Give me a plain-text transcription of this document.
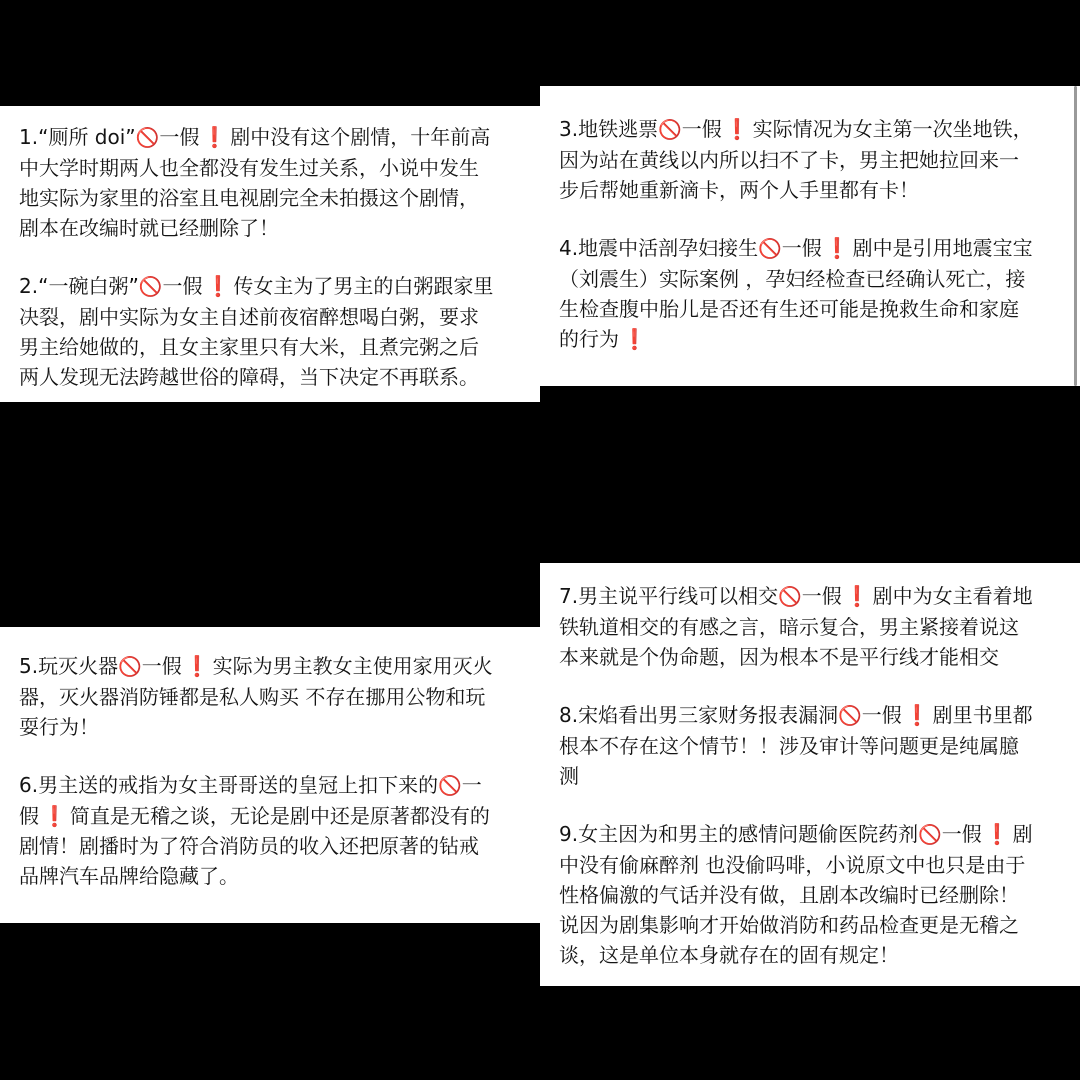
1.“厕所 doi”🚫一假 ❗ 剧中没有这个剧情，十年前高
中大学时期两人也全都没有发生过关系，小说中发生
地实际为家里的浴室且电视剧完全未拍摄这个剧情，
剧本在改编时就已经删除了！
2.“一碗白粥”🚫一假 ❗ 传女主为了男主的白粥跟家里
决裂，剧中实际为女主自述前夜宿醉想喝白粥，要求
男主给她做的，且女主家里只有大米，且煮完粥之后
两人发现无法跨越世俗的障碍，当下决定不再联系。
3.地铁逃票🚫一假 ❗ 实际情况为女主第一次坐地铁，
因为站在黄线以内所以扫不了卡，男主把她拉回来一
步后帮她重新滴卡，两个人手里都有卡！
4.地震中活剖孕妇接生🚫一假 ❗ 剧中是引用地震宝宝
（刘震生）实际案例 ，孕妇经检查已经确认死亡，接
生检查腹中胎儿是否还有生还可能是挽救生命和家庭
的行为 ❗
5.玩灭火器🚫一假 ❗ 实际为男主教女主使用家用灭火
器，灭火器消防锤都是私人购买 不存在挪用公物和玩
耍行为！
6.男主送的戒指为女主哥哥送的皇冠上扣下来的🚫一
假 ❗ 简直是无稽之谈，无论是剧中还是原著都没有的
剧情！剧播时为了符合消防员的收入还把原著的钻戒
品牌汽车品牌给隐藏了。
7.男主说平行线可以相交🚫一假 ❗ 剧中为女主看着地
铁轨道相交的有感之言，暗示复合，男主紧接着说这
本来就是个伪命题，因为根本不是平行线才能相交
8.宋焰看出男三家财务报表漏洞🚫一假 ❗ 剧里书里都
根本不存在这个情节！！涉及审计等问题更是纯属臆
测
9.女主因为和男主的感情问题偷医院药剂🚫一假 ❗ 剧
中没有偷麻醉剂 也没偷吗啡，小说原文中也只是由于
性格偏激的气话并没有做，且剧本改编时已经删除！
说因为剧集影响才开始做消防和药品检查更是无稽之
谈，这是单位本身就存在的固有规定！
